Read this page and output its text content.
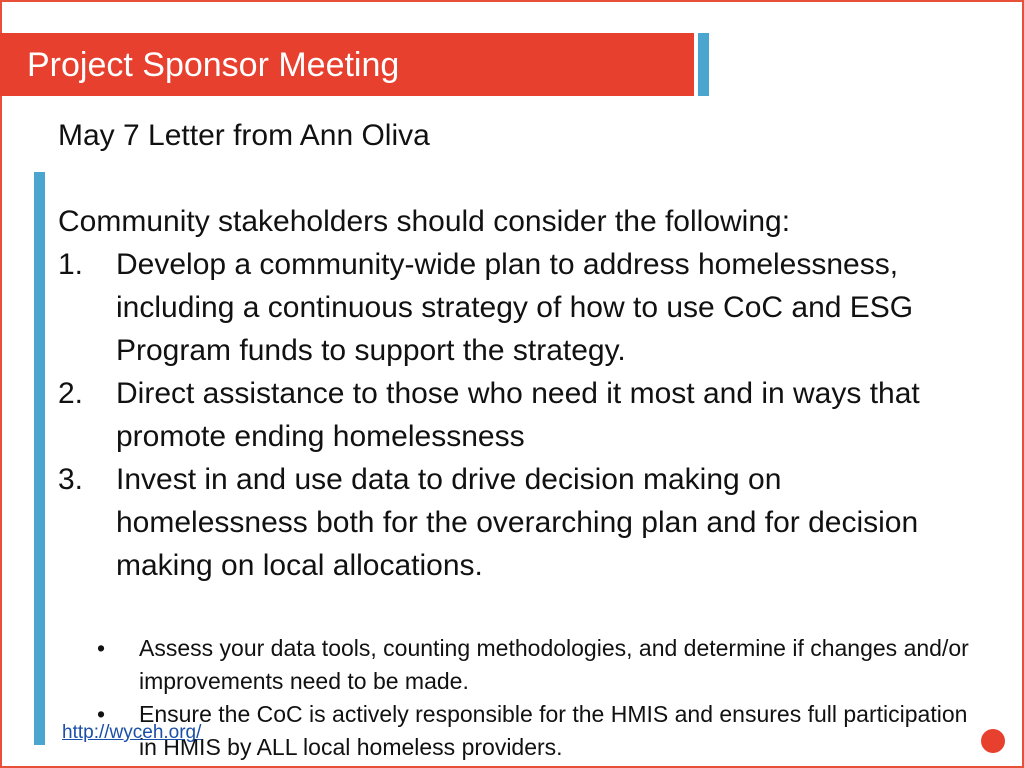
Project Sponsor Meeting

May 7 Letter from Ann Oliva

Community stakeholders should consider the following:

1. Develop a community-wide plan to address homelessness, including a continuous strategy of how to use CoC and ESG Program funds to support the strategy.
2. Direct assistance to those who need it most and in ways that promote ending homelessness
3. Invest in and use data to drive decision making on homelessness both for the overarching plan and for decision making on local allocations.
• Assess your data tools, counting methodologies, and determine if changes and/or improvements need to be made.
• Ensure the CoC is actively responsible for the HMIS and ensures full participation in HMIS by ALL local homeless providers.
http://wyceh.org/
